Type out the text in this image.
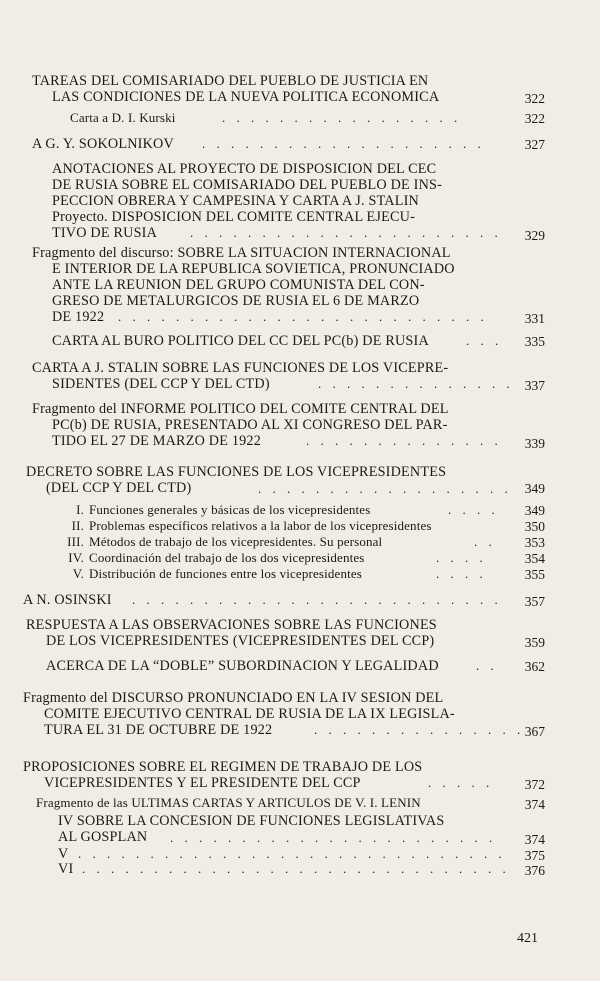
TAREAS DEL COMISARIADO DEL PUEBLO DE JUSTICIA EN
LAS CONDICIONES DE LA NUEVA POLITICA ECONOMICA	322
Carta a D. I. Kurski	. . . . . . . . . . . . . . . . .	322
A G. Y. SOKOLNIKOV . . . . . . . . . . . . . . . . . . . .	327
ANOTACIONES AL PROYECTO DE DISPOSICION DEL CEC
DE RUSIA SOBRE EL COMISARIADO DEL PUEBLO DE INS-
PECCION OBRERA Y CAMPESINA Y CARTA A J. STALIN
Proyecto. DISPOSICION DEL COMITE CENTRAL EJECU-
TIVO DE RUSIA	. . . . . . . . . . . . . . . . . . . . . . 329
Fragmento del discurso: SOBRE LA SITUACION INTERNACIONAL
E INTERIOR DE LA REPUBLICA SOVIETICA, PRONUNCIADO
ANTE LA REUNION DEL GRUPO COMUNISTA DEL CON-
GRESO DE METALURGICOS DE RUSIA EL 6 DE MARZO
DE 1922 . . . . . . . . . . . . . . . . . . . . . . . . . .	331
CARTA AL BURO POLITICO DEL CC DEL PC(b) DE RUSIA	. . . 335
CARTA A J. STALIN SOBRE LAS FUNCIONES DE LOS VICEPRE-
SIDENTES (DEL CCP Y DEL CTD)	. . . . . . . . . . . . . . 337
Fragmento del INFORME POLITICO DEL COMITE CENTRAL DEL
PC(b) DE RUSIA, PRESENTADO AL XI CONGRESO DEL PAR-
TIDO EL 27 DE MARZO DE 1922	. . . . . . . . . . . . . . 339
DECRETO SOBRE LAS FUNCIONES DE LOS VICEPRESIDENTES
(DEL CCP Y DEL CTD)	. . . . . . . . . . . . . . . . . . 349
I. Funciones generales y básicas de los vicepresidentes	. . . . 349
II. Problemas específicos relativos a la labor de los vicepresidentes	350
III. Métodos de trabajo de los vicepresidentes. Su personal	. . 353
IV. Coordinación del trabajo de los dos vicepresidentes	. . . .	354
V. Distribución de funciones entre los vicepresidentes	. . . .	355
A N. OSINSKI . . . . . . . . . . . . . . . . . . . . . . . . . . 357
RESPUESTA A LAS OBSERVACIONES SOBRE LAS FUNCIONES
DE LOS VICEPRESIDENTES (VICEPRESIDENTES DEL CCP)	359
ACERCA DE LA “DOBLE” SUBORDINACION Y LEGALIDAD	. . 362
Fragmento del DISCURSO PRONUNCIADO EN LA IV SESION DEL
COMITE EJECUTIVO CENTRAL DE RUSIA DE LA IX LEGISLA-
TURA EL 31 DE OCTUBRE DE 1922	. . . . . . . . . . . . . . . 367
PROPOSICIONES SOBRE EL REGIMEN DE TRABAJO DE LOS
VICEPRESIDENTES Y EL PRESIDENTE DEL CCP	. . . . . 372
Fragmento de las ULTIMAS CARTAS Y ARTICULOS DE V. I. LENIN	374
IV SOBRE LA CONCESION DE FUNCIONES LEGISLATIVAS
AL GOSPLAN . . . . . . . . . . . . . . . . . . . . . . . 374
V . . . . . . . . . . . . . . . . . . . . . . . . . . . . . . 375
VI . . . . . . . . . . . . . . . . . . . . . . . . . . . . . . 376
421
